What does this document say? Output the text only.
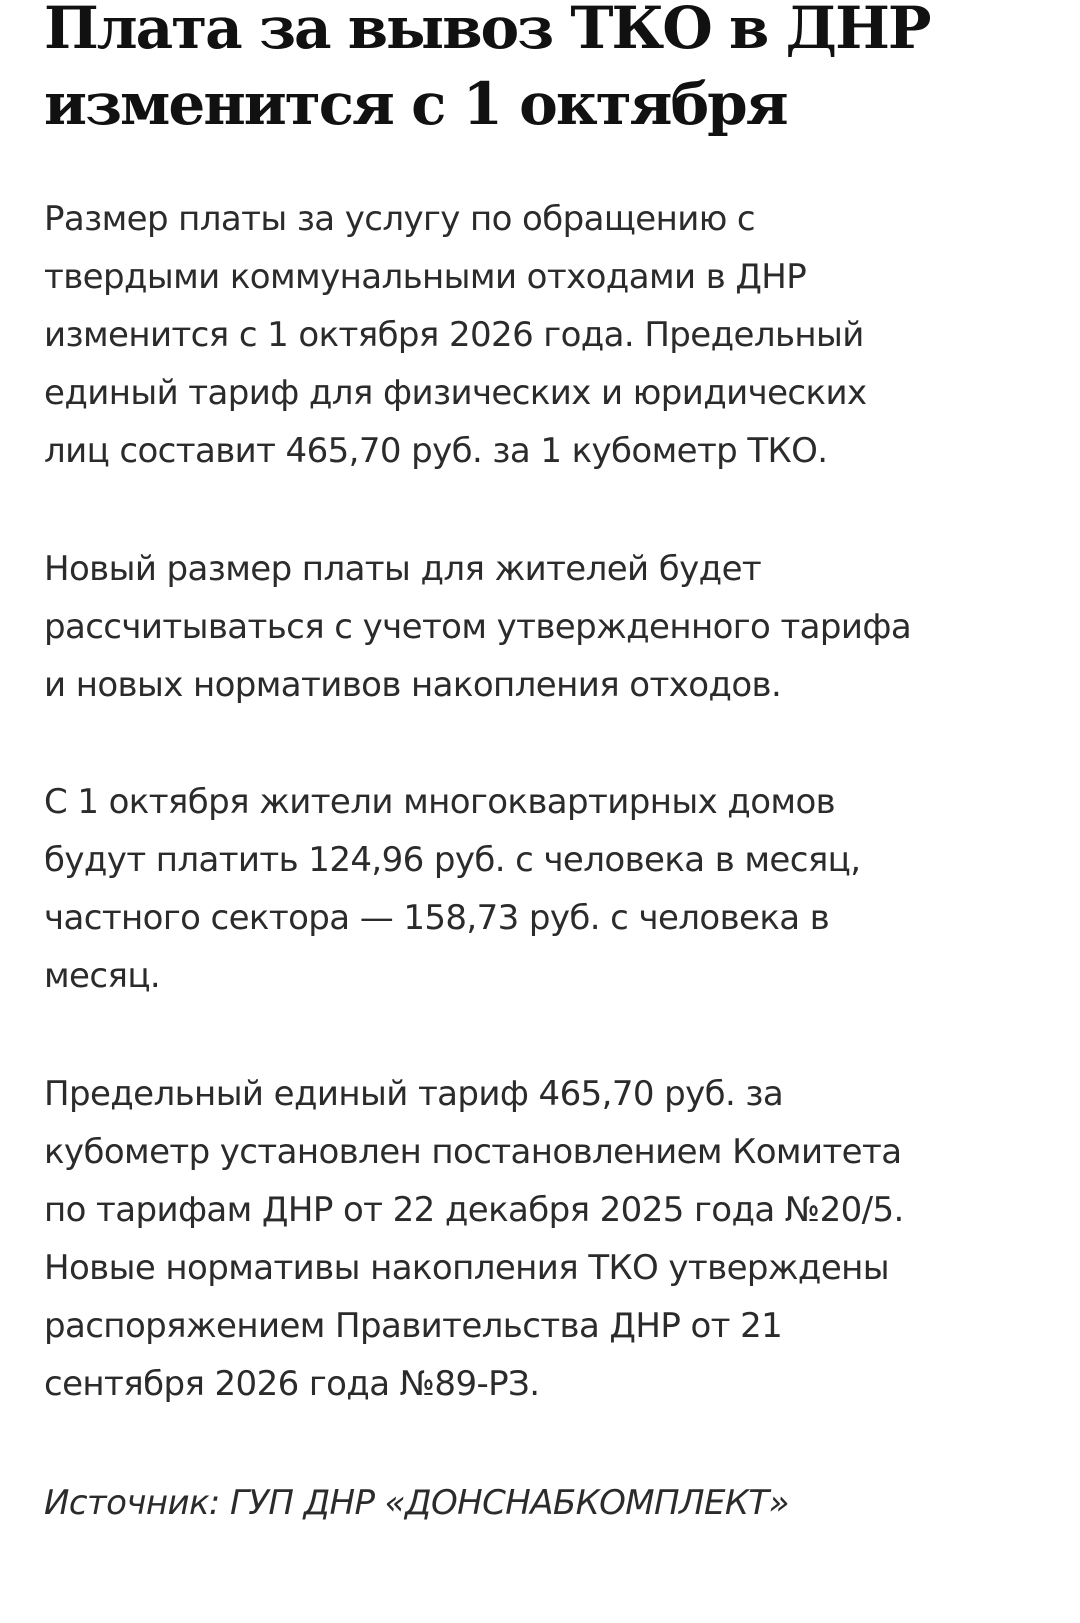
Плата за вывоз ТКО в ДНР
изменится с 1 октября

Размер платы за услугу по обращению с
твердыми коммунальными отходами в ДНР
изменится с 1 октября 2026 года. Предельный
единый тариф для физических и юридических
лиц составит 465,70 руб. за 1 кубометр ТКО.

Новый размер платы для жителей будет
рассчитываться с учетом утвержденного тарифа
и новых нормативов накопления отходов.

С 1 октября жители многоквартирных домов
будут платить 124,96 руб. с человека в месяц,
частного сектора — 158,73 руб. с человека в
месяц.

Предельный единый тариф 465,70 руб. за
кубометр установлен постановлением Комитета
по тарифам ДНР от 22 декабря 2025 года №20/5.
Новые нормативы накопления ТКО утверждены
распоряжением Правительства ДНР от 21
сентября 2026 года №89-РЗ.

Источник: ГУП ДНР «ДОНСНАБКОМПЛЕКТ»
